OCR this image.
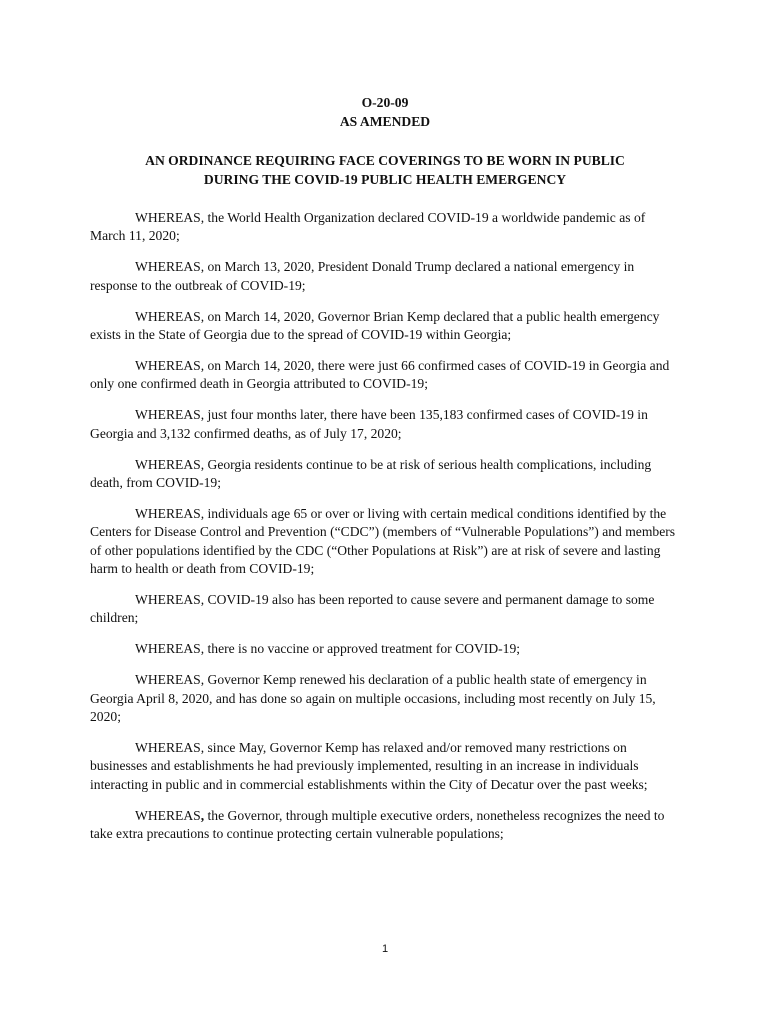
O-20-09
AS AMENDED
AN ORDINANCE REQUIRING FACE COVERINGS TO BE WORN IN PUBLIC
DURING THE COVID-19 PUBLIC HEALTH EMERGENCY

WHEREAS, the World Health Organization declared COVID-19 a worldwide pandemic as of March 11, 2020;

WHEREAS, on March 13, 2020, President Donald Trump declared a national emergency in response to the outbreak of COVID-19;

WHEREAS, on March 14, 2020, Governor Brian Kemp declared that a public health emergency exists in the State of Georgia due to the spread of COVID-19 within Georgia;

WHEREAS, on March 14, 2020, there were just 66 confirmed cases of COVID-19 in Georgia and only one confirmed death in Georgia attributed to COVID-19;

WHEREAS, just four months later, there have been 135,183 confirmed cases of COVID-19 in Georgia and 3,132 confirmed deaths, as of July 17, 2020;

WHEREAS, Georgia residents continue to be at risk of serious health complications, including death, from COVID-19;

WHEREAS, individuals age 65 or over or living with certain medical conditions identified by the Centers for Disease Control and Prevention (“CDC”) (members of “Vulnerable Populations”) and members of other populations identified by the CDC (“Other Populations at Risk”) are at risk of severe and lasting harm to health or death from COVID-19;

WHEREAS, COVID-19 also has been reported to cause severe and permanent damage to some children;

WHEREAS, there is no vaccine or approved treatment for COVID-19;

WHEREAS, Governor Kemp renewed his declaration of a public health state of emergency in Georgia April 8, 2020, and has done so again on multiple occasions, including most recently on July 15, 2020;

WHEREAS, since May, Governor Kemp has relaxed and/or removed many restrictions on businesses and establishments he had previously implemented, resulting in an increase in individuals interacting in public and in commercial establishments within the City of Decatur over the past weeks;

WHEREAS, the Governor, through multiple executive orders, nonetheless recognizes the need to take extra precautions to continue protecting certain vulnerable populations;

1
